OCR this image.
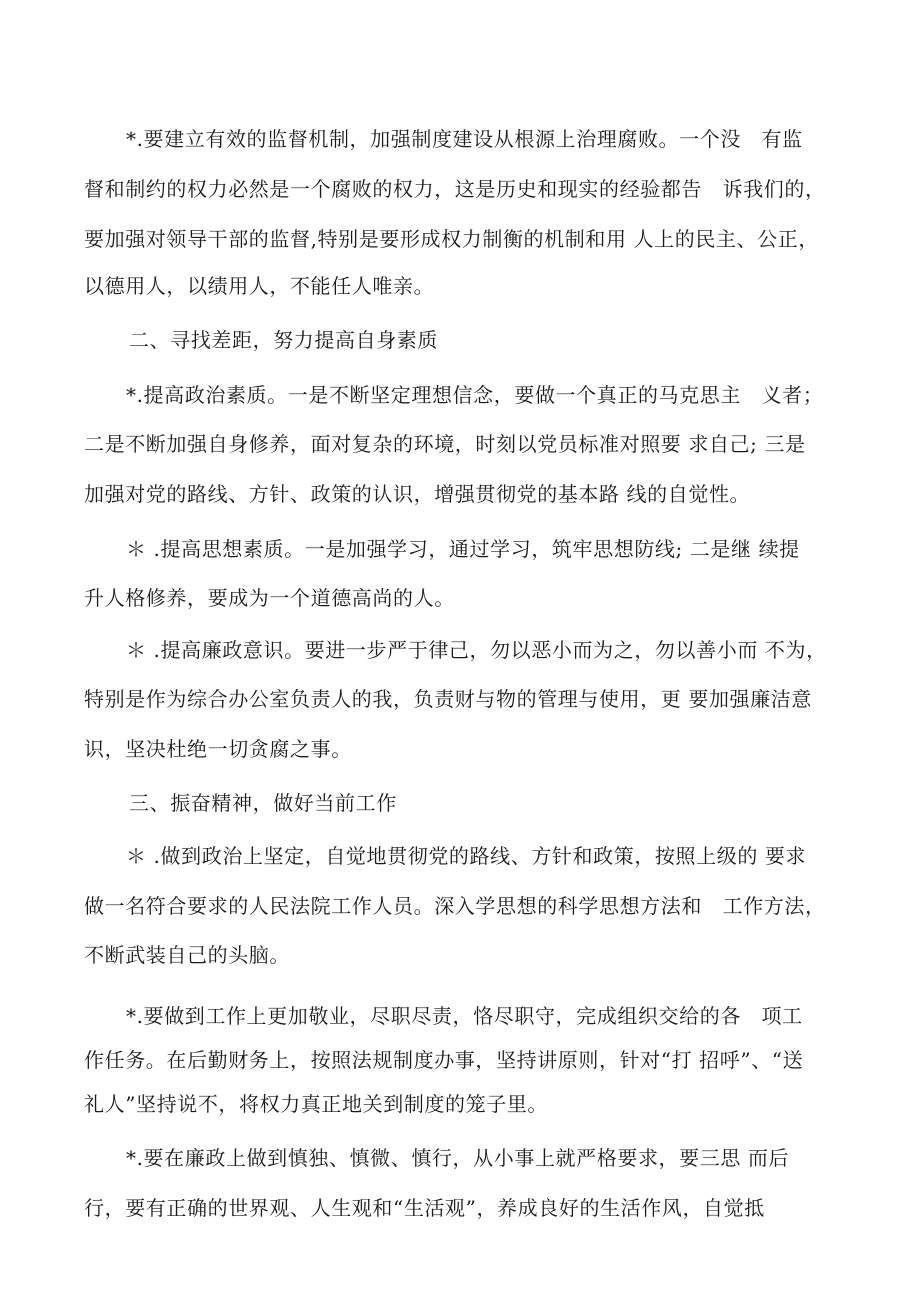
*.要建立有效的监督机制，加强制度建设从根源上治理腐败。一个没　有监
督和制约的权力必然是一个腐败的权力，这是历史和现实的经验都告　诉我们的，
要加强对领导干部的监督,特别是要形成权力制衡的机制和用 人上的民主、公正，
以德用人，以绩用人，不能任人唯亲。
二、寻找差距，努力提高自身素质
*.提高政治素质。一是不断坚定理想信念，要做一个真正的马克思主　义者；
二是不断加强自身修养，面对复杂的环境，时刻以党员标准对照要 求自己; 三是
加强对党的路线、方针、政策的认识，增强贯彻党的基本路 线的自觉性。
＊ .提高思想素质。一是加强学习，通过学习，筑牢思想防线; 二是继 续提
升人格修养，要成为一个道德高尚的人。
＊ .提高廉政意识。要进一步严于律己，勿以恶小而为之，勿以善小而 不为，
特别是作为综合办公室负责人的我，负责财与物的管理与使用，更 要加强廉洁意
识，坚决杜绝一切贪腐之事。
三、振奋精神，做好当前工作
＊ .做到政治上坚定，自觉地贯彻党的路线、方针和政策，按照上级的 要求
做一名符合要求的人民法院工作人员。深入学思想的科学思想方法和　工作方法，
不断武装自己的头脑。
*.要做到工作上更加敬业，尽职尽责，恪尽职守，完成组织交给的各　项工
作任务。在后勤财务上，按照法规制度办事，坚持讲原则，针对“打 招呼”、“送
礼人”坚持说不，将权力真正地关到制度的笼子里。
*.要在廉政上做到慎独、慎微、慎行，从小事上就严格要求，要三思 而后
行，要有正确的世界观、人生观和“生活观”，养成良好的生活作风，自觉抵
